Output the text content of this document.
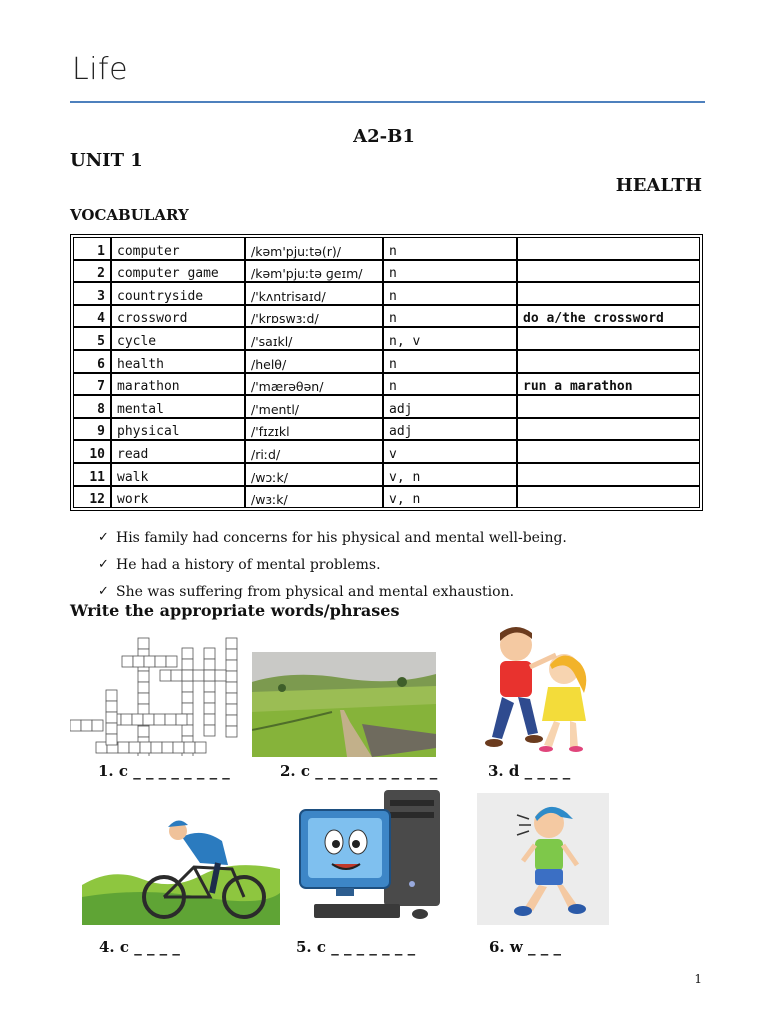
Life
A2-B1
UNIT 1
HEALTH
VOCABULARY
1	computer	/kəm'pjuːtə(r)/	n	
2	computer game	/kəm'pjuːtə ɡeɪm/	n	
3	countryside	/'kʌntrisaɪd/	n	
4	crossword	/'krɒswɜːd/	n	do a/the crossword
5	cycle	/'saɪkl/	n, v	
6	health	/helθ/	n	
7	marathon	/'mærəθən/	n	run a marathon
8	mental	/'mentl/	adj	
9	physical	/'fɪzɪkl	adj	
10	read	/riːd/	v	
11	walk	/wɔːk/	v, n	
12	work	/wɜːk/	v, n	
✓ His family had concerns for his physical and mental well-being.
✓ He had a history of mental problems.
✓ She was suffering from physical and mental exhaustion.
Write the appropriate words/phrases
1. c _ _ _ _ _ _ _ _	2. c _ _ _ _ _ _ _ _ _ _	3. d _ _ _ _
4. c _ _ _ _	5. c _ _ _ _ _ _ _	6. w _ _ _
1
